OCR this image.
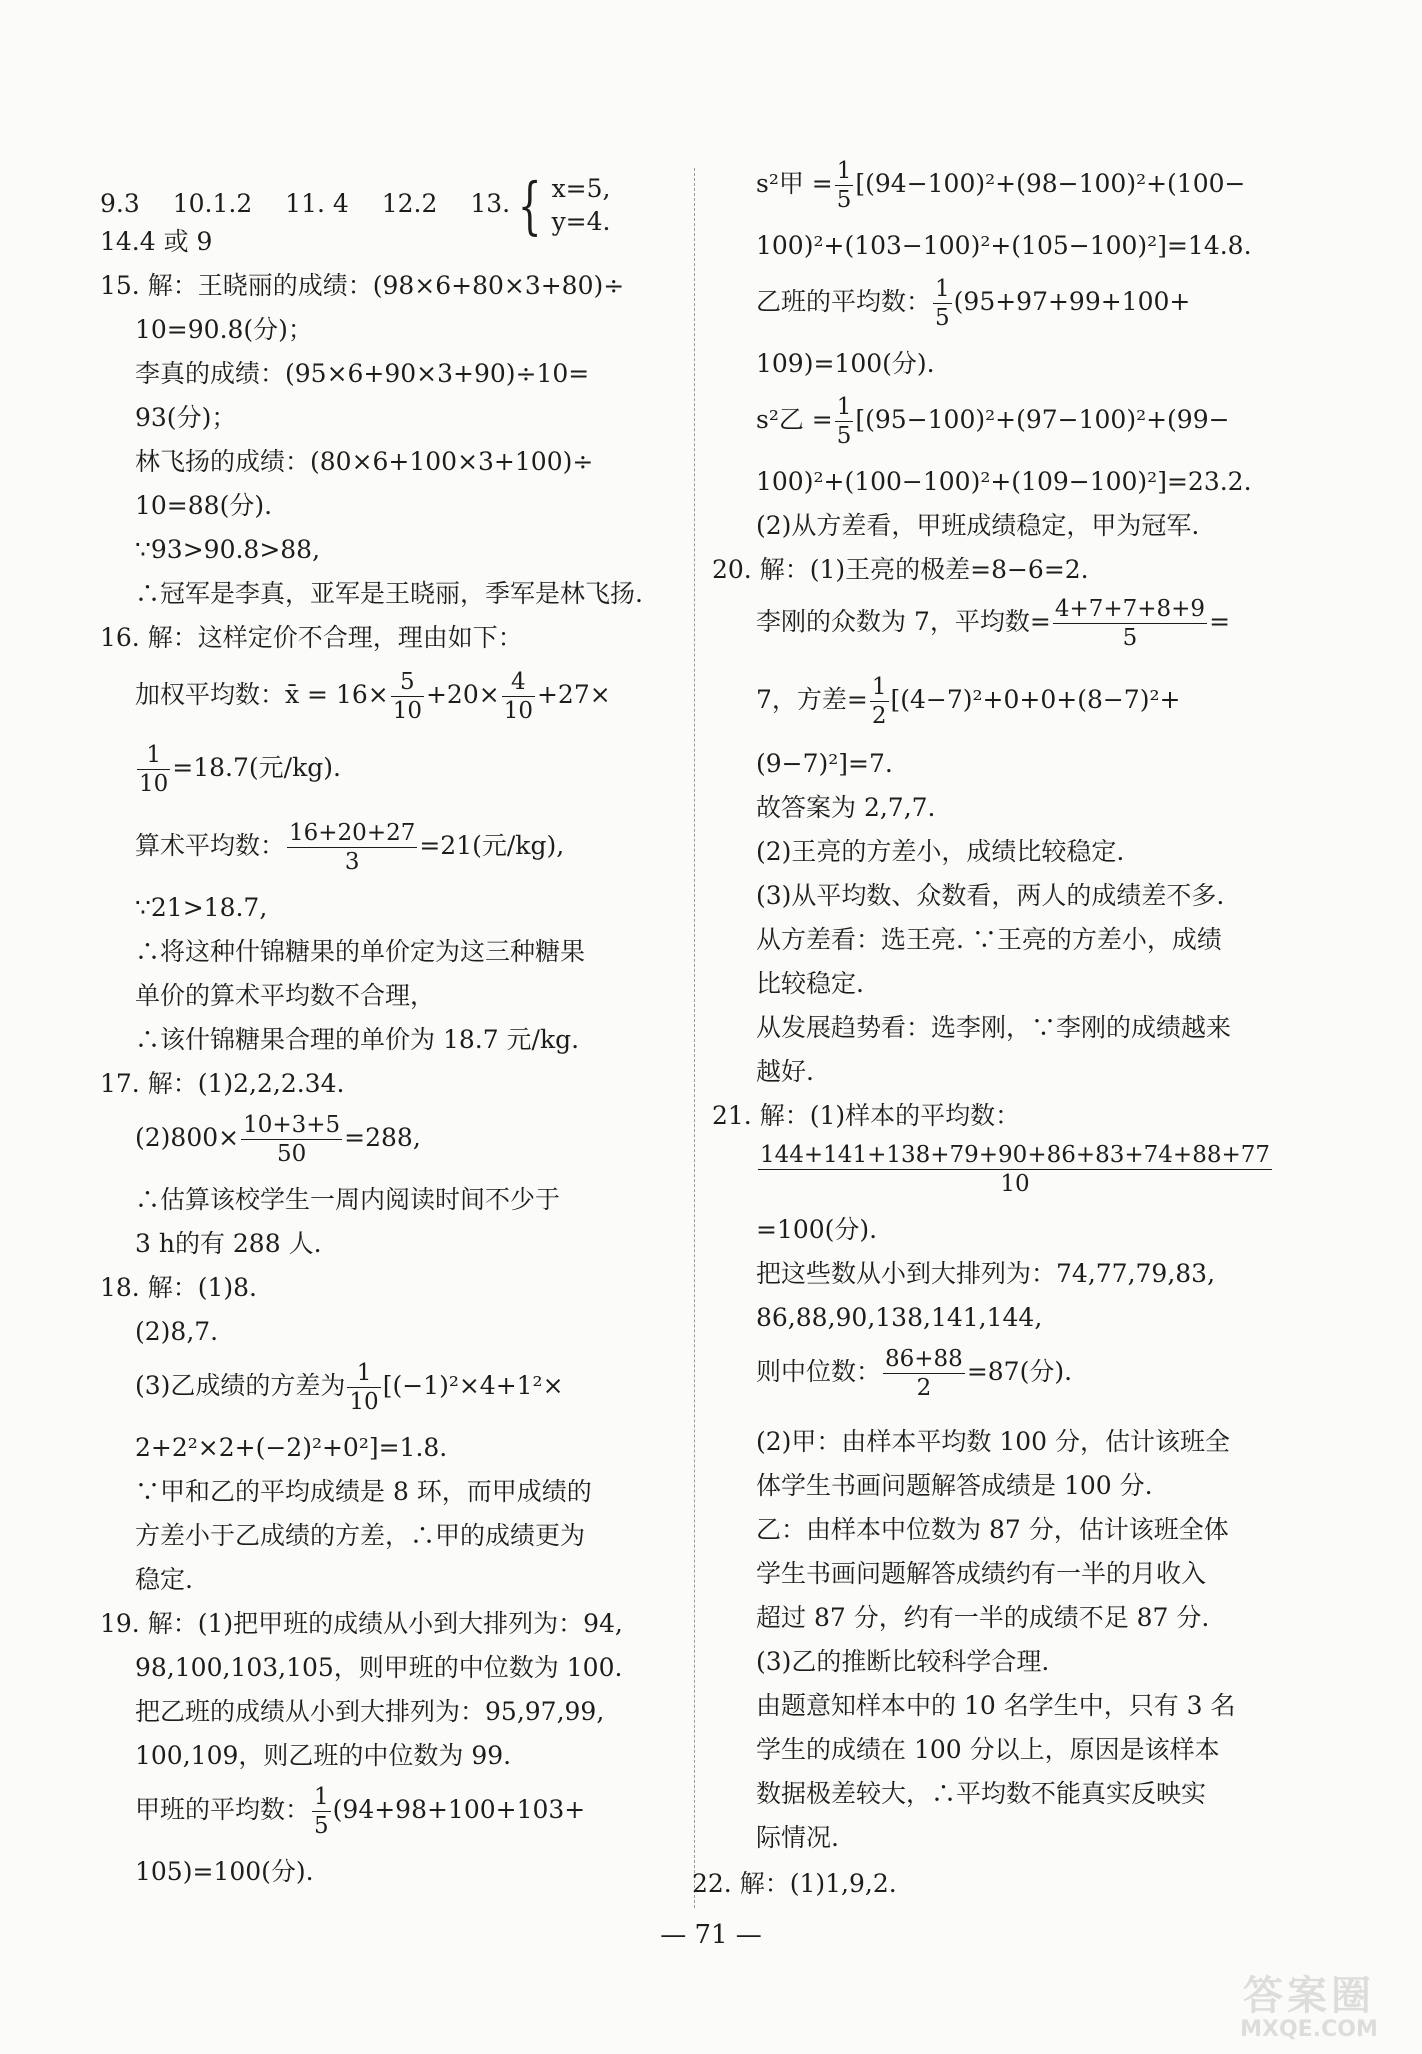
9.3  10.1.2  11. 4  12.2  13. { x=5,
y=4.
14.4 或 9
15. 解：王晓丽的成绩：(98×6+80×3+80)÷
10=90.8(分)；
李真的成绩：(95×6+90×3+90)÷10=
93(分)；
林飞扬的成绩：(80×6+100×3+100)÷
10=88(分).
∵93>90.8>88,
∴冠军是李真，亚军是王晓丽，季军是林飞扬.
16. 解：这样定价不合理，理由如下：
加权平均数：x̄ = $16\times \frac{5}{10} +20\times \frac{4}{10} +27\times$
$\frac{1}{10} =18.7$(元/kg).
算术平均数： $\frac{16+20+27}{3} =21$(元/kg),
∵21>18.7,
∴将这种什锦糖果的单价定为这三种糖果
单价的算术平均数不合理，
∴该什锦糖果合理的单价为 18.7 元/kg.
17. 解：(1)2,2,2.34.
$(2)800\times \frac{10+3+5}{50} =288$,
∴估算该校学生一周内阅读时间不少于
3 h的有 288 人.
18. 解：(1)8.
(2)8,7.
(3)乙成绩的方差为 $\frac{1}{10} [(-1)^2\times 4+1^2\times$
2+2²×2+(−2)²+0²]=1.8.
∵甲和乙的平均成绩是 8 环，而甲成绩的
方差小于乙成绩的方差，∴甲的成绩更为
稳定.
19. 解：(1)把甲班的成绩从小到大排列为：94,
98,100,103,105，则甲班的中位数为 100.
把乙班的成绩从小到大排列为：95,97,99,
100,109，则乙班的中位数为 99.
甲班的平均数： $\frac{1}{5} (94+98+100+103+$
105)=100(分).
s²甲 = $\frac{1}{5} [(94-100)^2+(98-100)^2+(100-$
100)²+(103−100)²+(105−100)²]=14.8.
乙班的平均数： $\frac{1}{5} (95+97+99+100+$
109)=100(分).
s²乙 = $\frac{1}{5} [(95-100)^2+(97-100)^2+(99-$
100)²+(100−100)²+(109−100)²]=23.2.
(2)从方差看，甲班成绩稳定，甲为冠军.
20. 解：(1)王亮的极差=8−6=2.
李刚的众数为 7，平均数= $\frac{4+7+7+8+9}{5}$ =
7，方差= $\frac{1}{2} [(4-7)^2+0+0+(8-7)^2+$
(9−7)²]=7.
故答案为 2,7,7.
(2)王亮的方差小，成绩比较稳定.
(3)从平均数、众数看，两人的成绩差不多.
从方差看：选王亮. ∵王亮的方差小，成绩
比较稳定.
从发展趋势看：选李刚，∵李刚的成绩越来
越好.
21. 解：(1)样本的平均数：
$\frac{144+141+138+79+90+86+83+74+88+77}{10}$
=100(分).
把这些数从小到大排列为：74,77,79,83,
86,88,90,138,141,144,
则中位数： $\frac{86+88}{2} =87$(分).
(2)甲：由样本平均数 100 分，估计该班全
体学生书画问题解答成绩是 100 分.
乙：由样本中位数为 87 分，估计该班全体
学生书画问题解答成绩约有一半的月收入
超过 87 分，约有一半的成绩不足 87 分.
(3)乙的推断比较科学合理.
由题意知样本中的 10 名学生中，只有 3 名
学生的成绩在 100 分以上，原因是该样本
数据极差较大，∴平均数不能真实反映实
际情况.
22. 解：(1)1,9,2.
— 71 —
答案圈
MXQE.COM
